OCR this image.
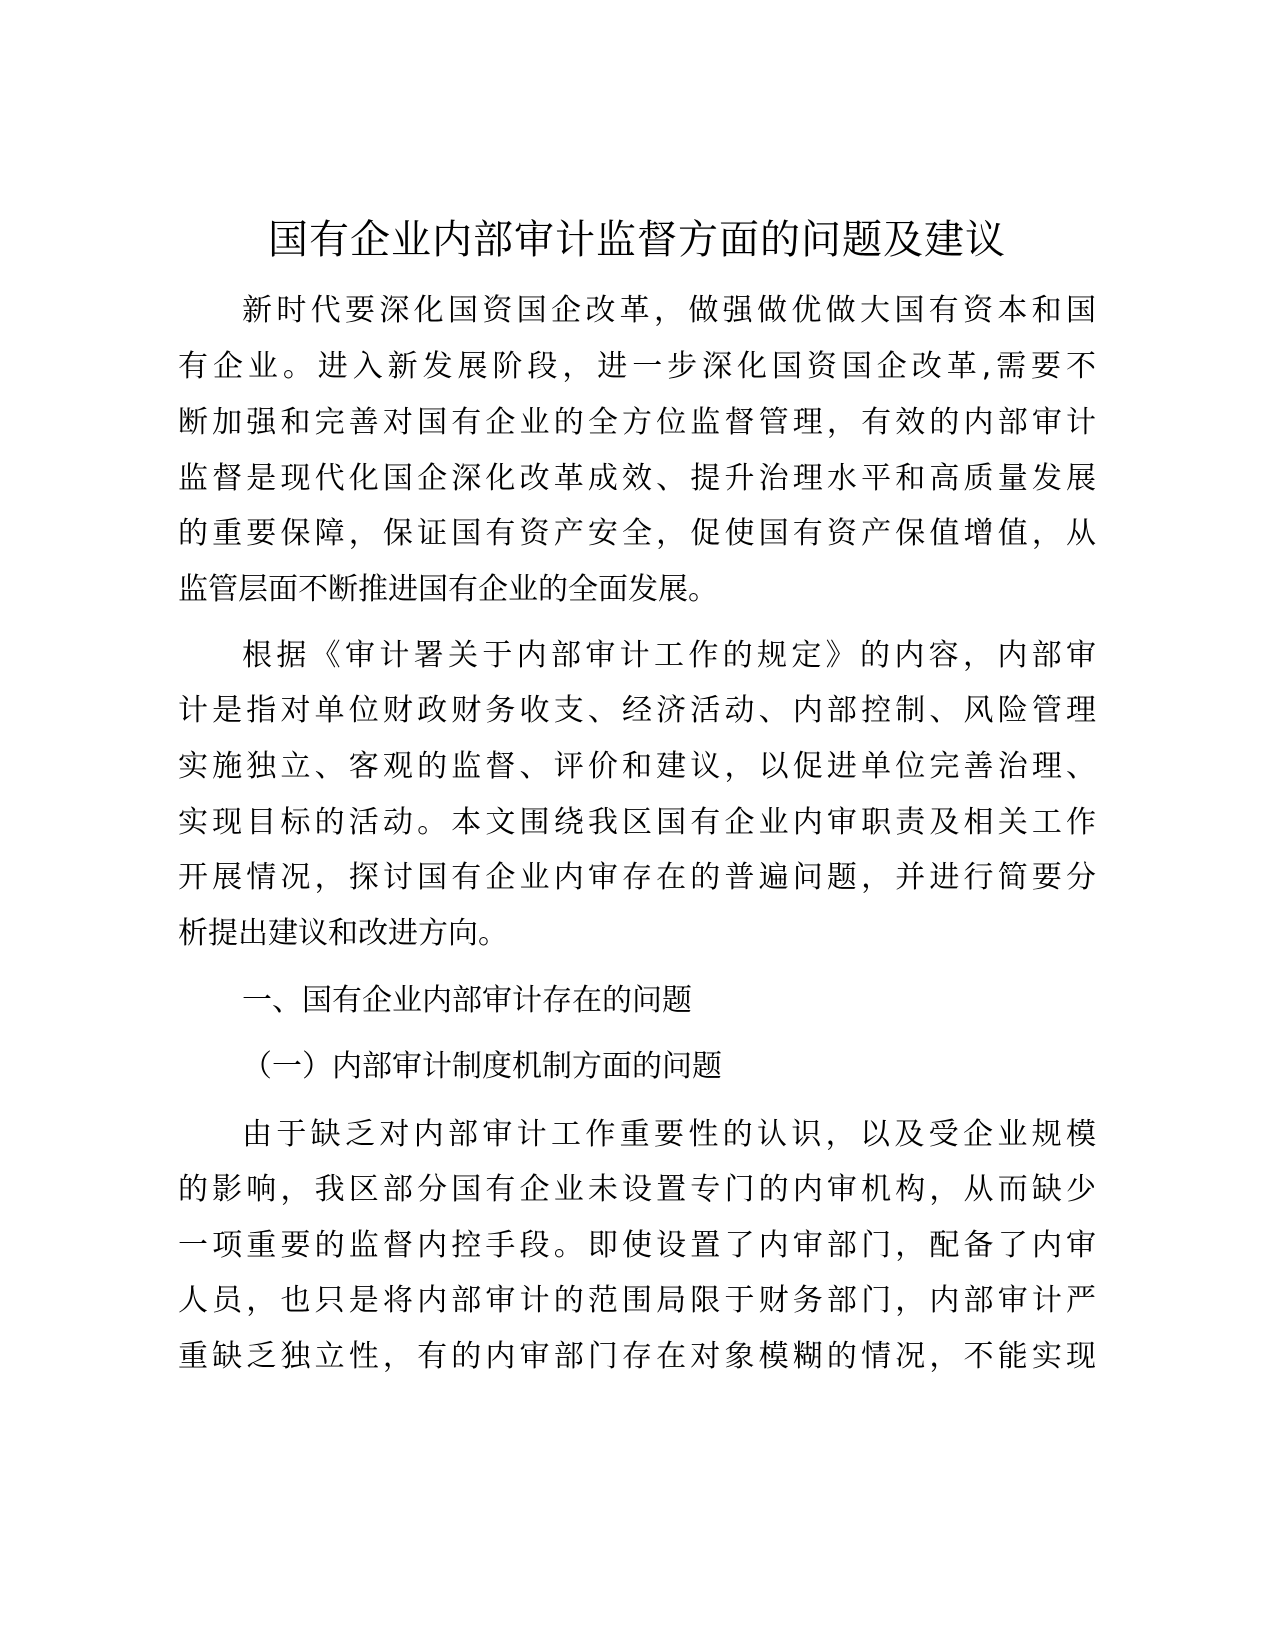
国有企业内部审计监督方面的问题及建议

新时代要深化国资国企改革，做强做优做大国有资本和国

有企业。进入新发展阶段，进一步深化国资国企改革,需要不

断加强和完善对国有企业的全方位监督管理，有效的内部审计

监督是现代化国企深化改革成效、提升治理水平和高质量发展

的重要保障，保证国有资产安全，促使国有资产保值增值，从

监管层面不断推进国有企业的全面发展。

根据《审计署关于内部审计工作的规定》的内容，内部审

计是指对单位财政财务收支、经济活动、内部控制、风险管理

实施独立、客观的监督、评价和建议，以促进单位完善治理、

实现目标的活动。本文围绕我区国有企业内审职责及相关工作

开展情况，探讨国有企业内审存在的普遍问题，并进行简要分

析提出建议和改进方向。

一、国有企业内部审计存在的问题

（一）内部审计制度机制方面的问题

由于缺乏对内部审计工作重要性的认识，以及受企业规模

的影响，我区部分国有企业未设置专门的内审机构，从而缺少

一项重要的监督内控手段。即使设置了内审部门，配备了内审

人员，也只是将内部审计的范围局限于财务部门，内部审计严

重缺乏独立性，有的内审部门存在对象模糊的情况，不能实现
